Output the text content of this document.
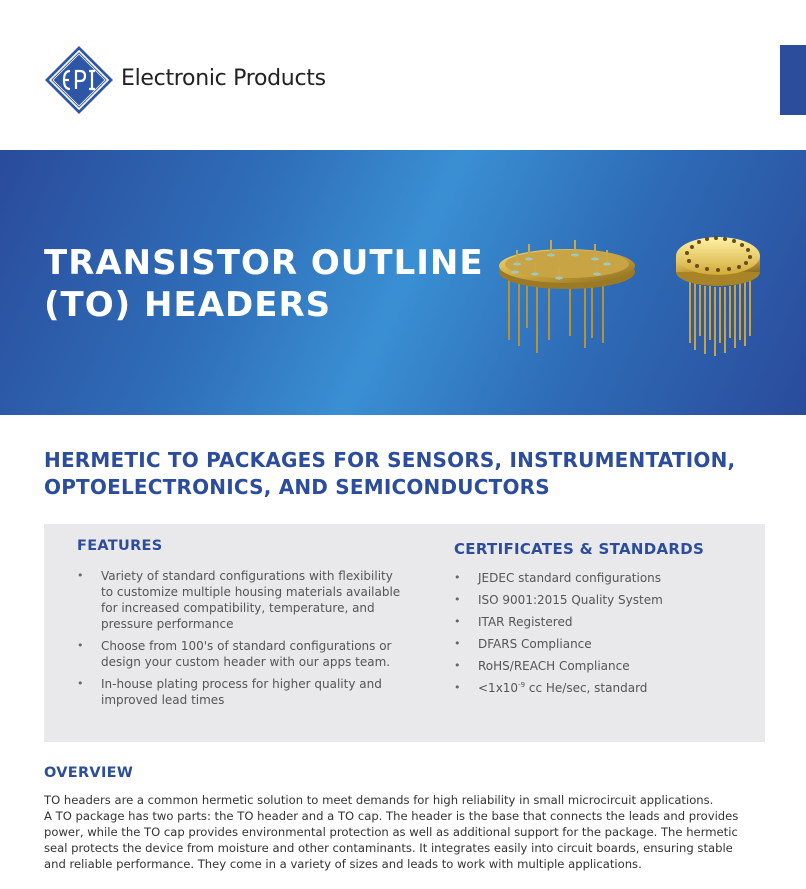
Electronic Products
TRANSISTOR OUTLINE
(TO) HEADERS
HERMETIC TO PACKAGES FOR SENSORS, INSTRUMENTATION,
OPTOELECTRONICS, AND SEMICONDUCTORS
FEATURES
• Variety of standard configurations with flexibility to customize multiple housing materials available for increased compatibility, temperature, and pressure performance
• Choose from 100's of standard configurations or design your custom header with our apps team.
• In-house plating process for higher quality and improved lead times
CERTIFICATES & STANDARDS
• JEDEC standard configurations
• ISO 9001:2015 Quality System
• ITAR Registered
• DFARS Compliance
• RoHS/REACH Compliance
• $<1x10^{-9}$ cc He/sec, standard
OVERVIEW

TO headers are a common hermetic solution to meet demands for high reliability in small microcircuit applications.
A TO package has two parts: the TO header and a TO cap. The header is the base that connects the leads and provides
power, while the TO cap provides environmental protection as well as additional support for the package. The hermetic
seal protects the device from moisture and other contaminants. It integrates easily into circuit boards, ensuring stable
and reliable performance. They come in a variety of sizes and leads to work with multiple applications.
